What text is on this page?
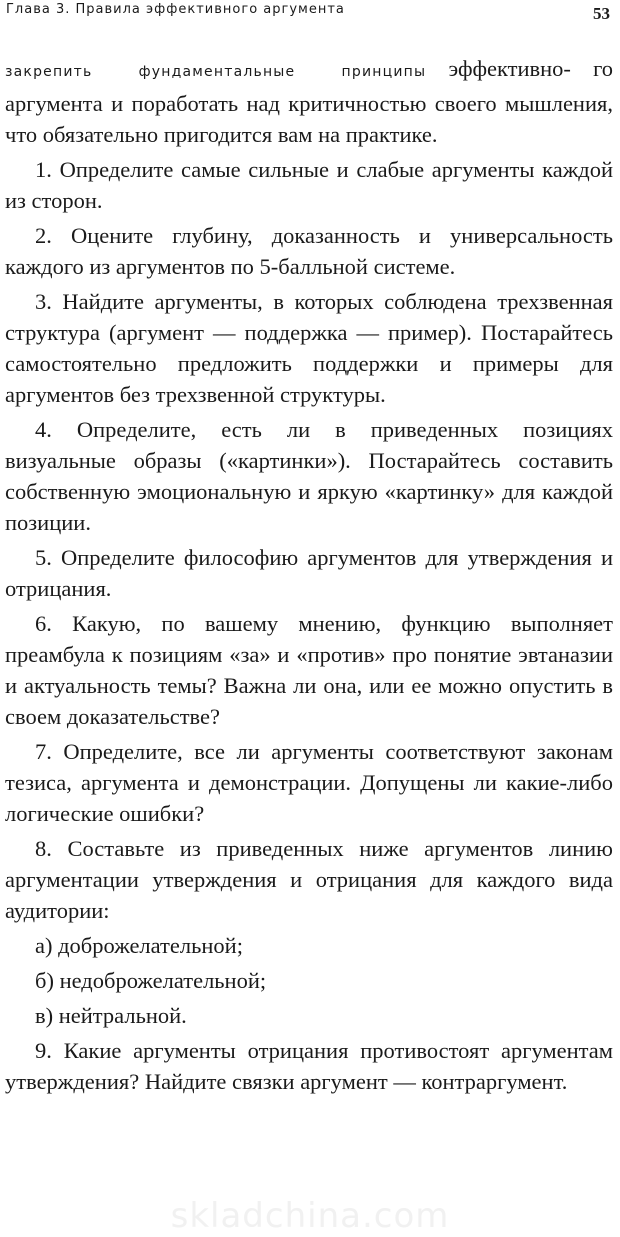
Глава 3. Правила эффективного аргумента	53

закрепить фундаментальные принципы эффективно- го аргумента и поработать над критичностью своего мышления, что обязательно пригодится вам на практике.

1. Определите самые сильные и слабые аргументы каждой из сторон.

2. Оцените глубину, доказанность и универсальность каждого из аргументов по 5-балльной системе.

3. Найдите аргументы, в которых соблюдена трехзвенная структура (аргумент — поддержка — пример). Постарайтесь самостоятельно предложить поддержки и примеры для аргументов без трехзвенной структуры.

4. Определите, есть ли в приведенных позициях визуальные образы («картинки»). Постарайтесь составить собственную эмоциональную и яркую «картинку» для каждой позиции.

5. Определите философию аргументов для утверждения и отрицания.

6. Какую, по вашему мнению, функцию выполняет преамбула к позициям «за» и «против» про понятие эвтаназии и актуальность темы? Важна ли она, или ее можно опустить в своем доказательстве?

7. Определите, все ли аргументы соответствуют законам тезиса, аргумента и демонстрации. Допущены ли какие-либо логические ошибки?

8. Составьте из приведенных ниже аргументов линию аргументации утверждения и отрицания для каждого вида аудитории:

а) доброжелательной;

б) недоброжелательной;

в) нейтральной.

9. Какие аргументы отрицания противостоят аргументам утверждения? Найдите связки аргумент — контраргумент.

skladchina.com
